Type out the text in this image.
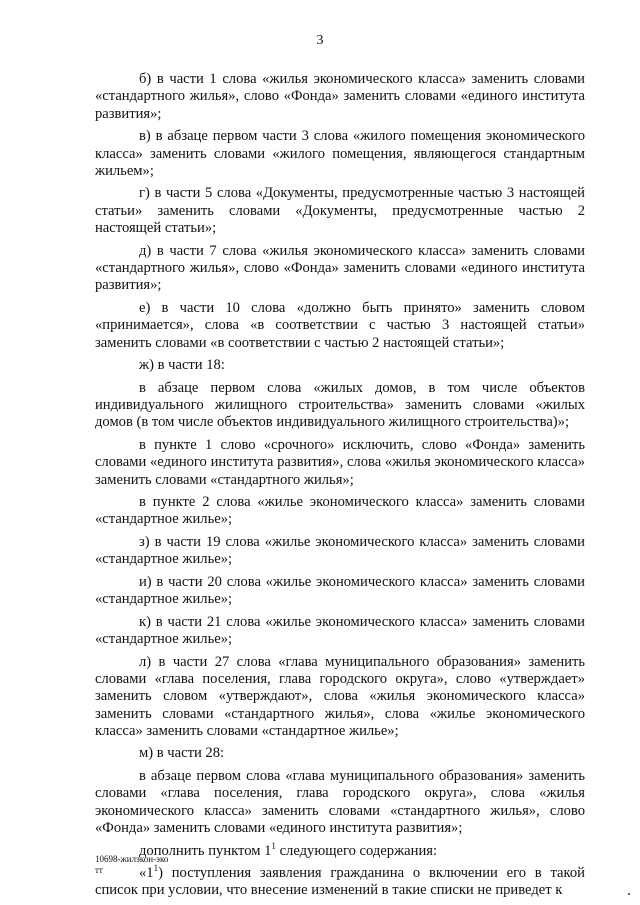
3

б) в части 1 слова «жилья экономического класса» заменить словами «стандартного жилья», слово «Фонда» заменить словами «единого института развития»;

в) в абзаце первом части 3 слова «жилого помещения экономического класса» заменить словами «жилого помещения, являющегося стандартным жильем»;

г) в части 5 слова «Документы, предусмотренные частью 3 настоящей статьи» заменить словами «Документы, предусмотренные частью 2 настоящей статьи»;

д) в части 7 слова «жилья экономического класса» заменить словами «стандартного жилья», слово «Фонда» заменить словами «единого института развития»;

е) в части 10 слова «должно быть принято» заменить словом «принимается», слова «в соответствии с частью 3 настоящей статьи» заменить словами «в соответствии с частью 2 настоящей статьи»;

ж) в части 18:

в абзаце первом слова «жилых домов, в том числе объектов индивидуального жилищного строительства» заменить словами «жилых домов (в том числе объектов индивидуального жилищного строительства)»;

в пункте 1 слово «срочного» исключить, слово «Фонда» заменить словами «единого института развития», слова «жилья экономического класса» заменить словами «стандартного жилья»;

в пункте 2 слова «жилье экономического класса» заменить словами «стандартное жилье»;

з) в части 19 слова «жилье экономического класса» заменить словами «стандартное жилье»;

и) в части 20 слова «жилье экономического класса» заменить словами «стандартное жилье»;

к) в части 21 слова «жилье экономического класса» заменить словами «стандартное жилье»;

л) в части 27 слова «глава муниципального образования» заменить словами «глава поселения, глава городского округа», слово «утверждает» заменить словом «утверждают», слова «жилья экономического класса» заменить словами «стандартного жилья», слова «жилье экономического класса» заменить словами «стандартное жилье»;

м) в части 28:

в абзаце первом слова «глава муниципального образования» заменить словами «глава поселения, глава городского округа», слова «жилья экономического класса» заменить словами «стандартного жилья», слово «Фонда» заменить словами «единого института развития»;

дополнить пунктом $1^1$ следующего содержания:

«$1^1$) поступления заявления гражданина о включении его в такой список при условии, что внесение изменений в такие списки не приведет к

10698-жилэкон-эко
тт
